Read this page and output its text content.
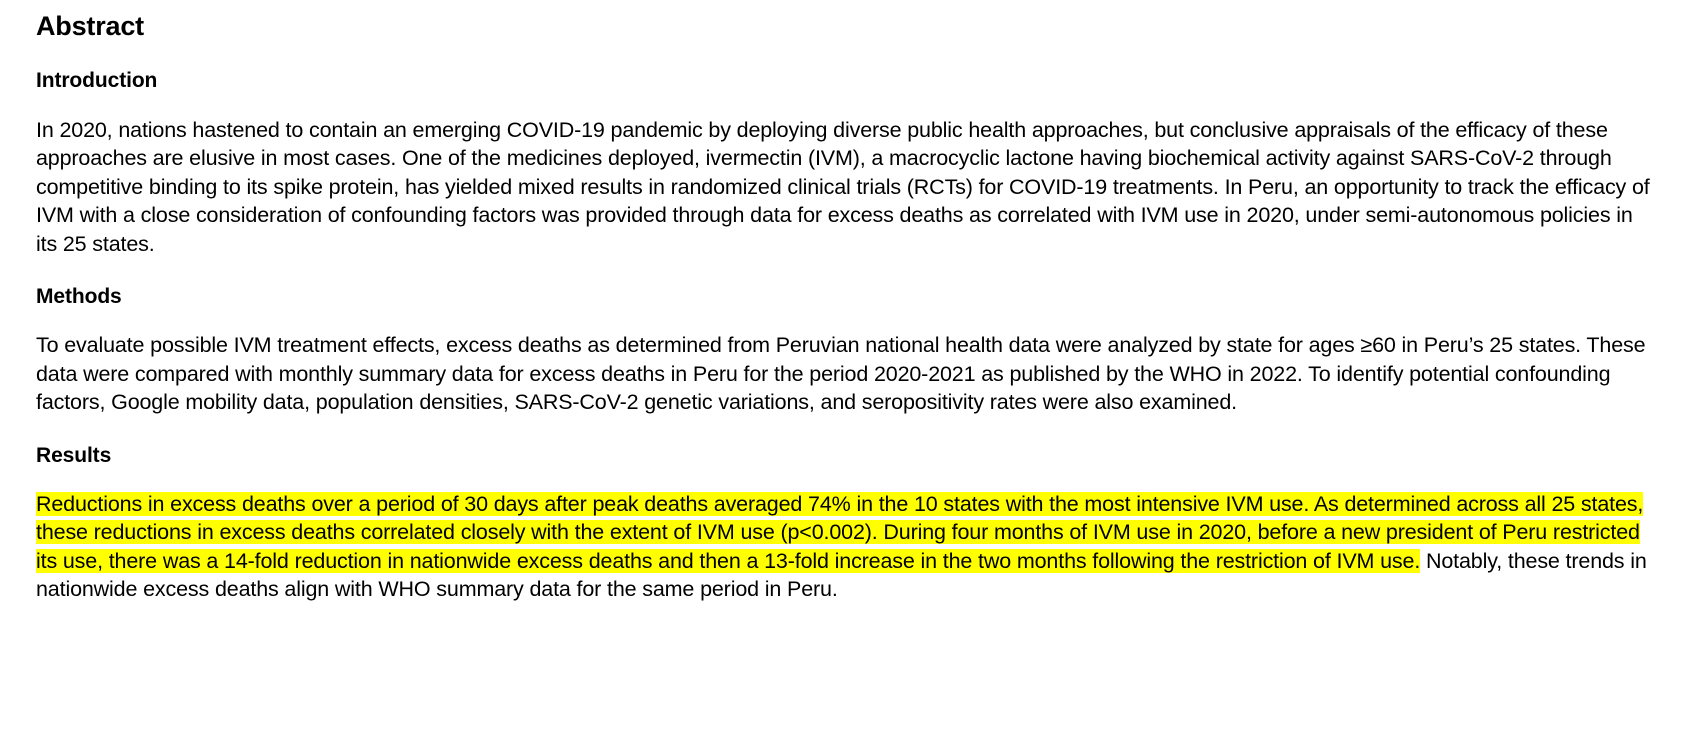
Abstract
Introduction

In 2020, nations hastened to contain an emerging COVID-19 pandemic by deploying diverse public health approaches, but conclusive appraisals of the efficacy of these approaches are elusive in most cases. One of the medicines deployed, ivermectin (IVM), a macrocyclic lactone having biochemical activity against SARS-CoV-2 through competitive binding to its spike protein, has yielded mixed results in randomized clinical trials (RCTs) for COVID-19 treatments. In Peru, an opportunity to track the efficacy of IVM with a close consideration of confounding factors was provided through data for excess deaths as correlated with IVM use in 2020, under semi-autonomous policies in its 25 states.

Methods

To evaluate possible IVM treatment effects, excess deaths as determined from Peruvian national health data were analyzed by state for ages ≥60 in Peru’s 25 states. These data were compared with monthly summary data for excess deaths in Peru for the period 2020-2021 as published by the WHO in 2022. To identify potential confounding factors, Google mobility data, population densities, SARS-CoV-2 genetic variations, and seropositivity rates were also examined.

Results

Reductions in excess deaths over a period of 30 days after peak deaths averaged 74% in the 10 states with the most intensive IVM use. As determined across all 25 states, these reductions in excess deaths correlated closely with the extent of IVM use (p<0.002). During four months of IVM use in 2020, before a new president of Peru restricted its use, there was a 14-fold reduction in nationwide excess deaths and then a 13-fold increase in the two months following the restriction of IVM use. Notably, these trends in nationwide excess deaths align with WHO summary data for the same period in Peru.
